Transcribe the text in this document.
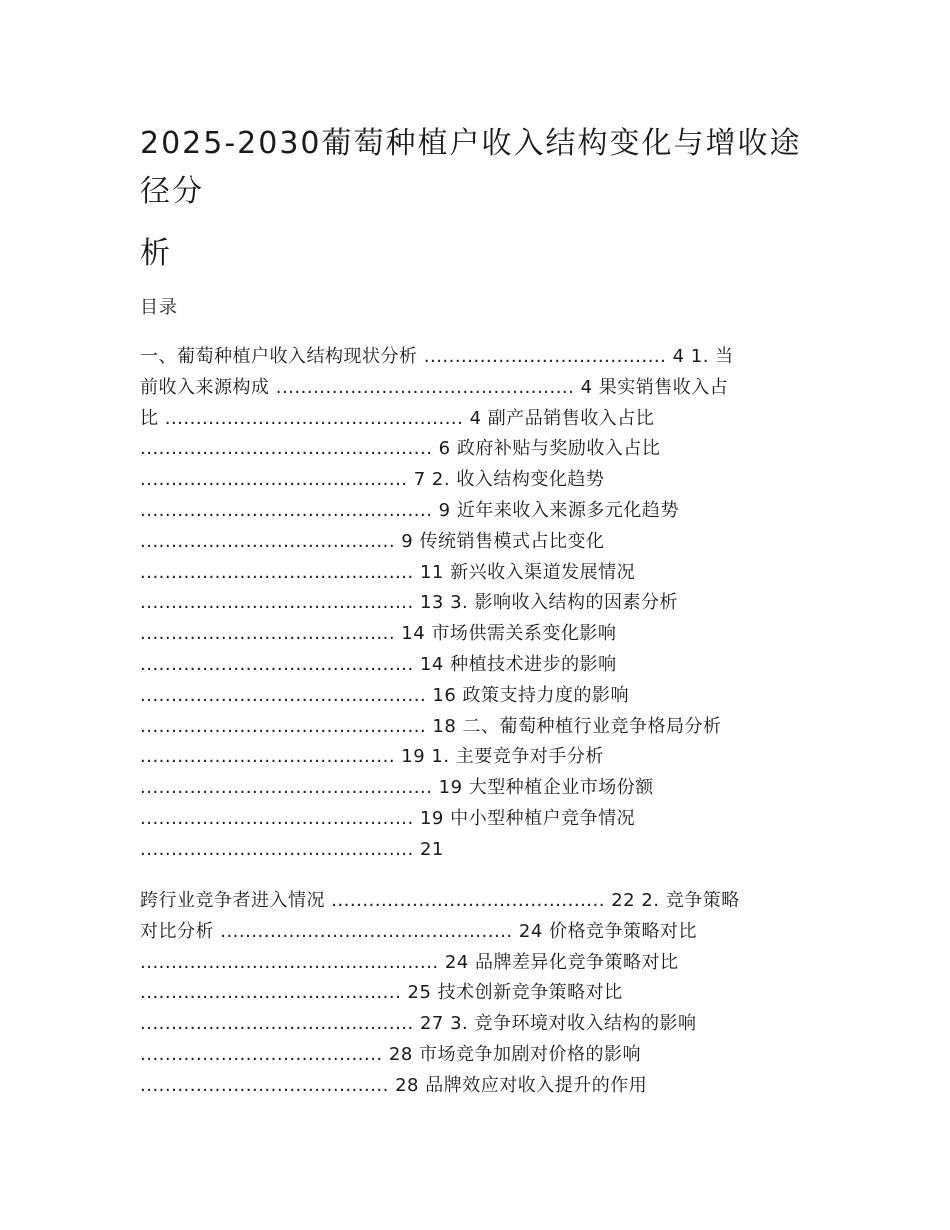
2025-2030葡萄种植户收入结构变化与增收途径分
析
目录
一、葡萄种植户收入结构现状分析 ....................................... 4 1. 当
前收入来源构成 ................................................ 4 果实销售收入占
比 ................................................ 4 副产品销售收入占比
............................................... 6 政府补贴与奖励收入占比
........................................... 7 2. 收入结构变化趋势
............................................... 9 近年来收入来源多元化趋势
......................................... 9 传统销售模式占比变化
............................................ 11 新兴收入渠道发展情况
............................................ 13 3. 影响收入结构的因素分析
......................................... 14 市场供需关系变化影响
............................................ 14 种植技术进步的影响
.............................................. 16 政策支持力度的影响
.............................................. 18 二、葡萄种植行业竞争格局分析
......................................... 19 1. 主要竞争对手分析
............................................... 19 大型种植企业市场份额
............................................ 19 中小型种植户竞争情况
............................................ 21
跨行业竞争者进入情况 ............................................ 22 2. 竞争策略
对比分析 ............................................... 24 价格竞争策略对比
................................................ 24 品牌差异化竞争策略对比
.......................................... 25 技术创新竞争策略对比
............................................ 27 3. 竞争环境对收入结构的影响
....................................... 28 市场竞争加剧对价格的影响
........................................ 28 品牌效应对收入提升的作用
